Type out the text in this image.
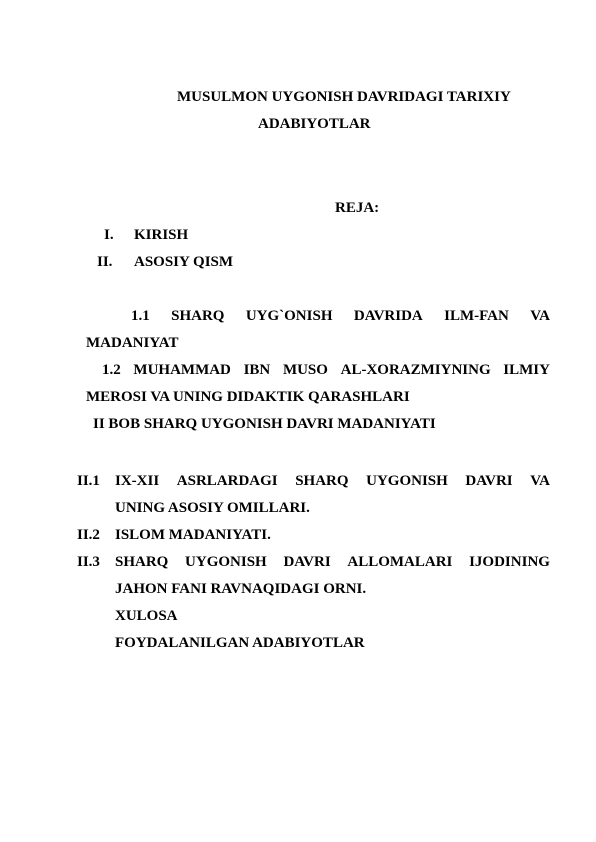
MUSULMON UYGONISH DAVRIDAGI TARIXIY
ADABIYOTLAR
REJA:
I. KIRISH
II. ASOSIY QISM
1.1 SHARQ UYG`ONISH DAVRIDA ILM-FAN VA
MADANIYAT
1.2 MUHAMMAD IBN MUSO AL-XORAZMIYNING ILMIY
MEROSI VA UNING DIDAKTIK QARASHLARI
II BOB SHARQ UYGONISH DAVRI MADANIYATI
II.1 IX-XII ASRLARDAGI SHARQ UYGONISH DAVRI VA
UNING ASOSIY OMILLARI.
II.2 ISLOM MADANIYATI.
II.3 SHARQ UYGONISH DAVRI ALLOMALARI IJODINING
JAHON FANI RAVNAQIDAGI ORNI.
XULOSA
FOYDALANILGAN ADABIYOTLAR
